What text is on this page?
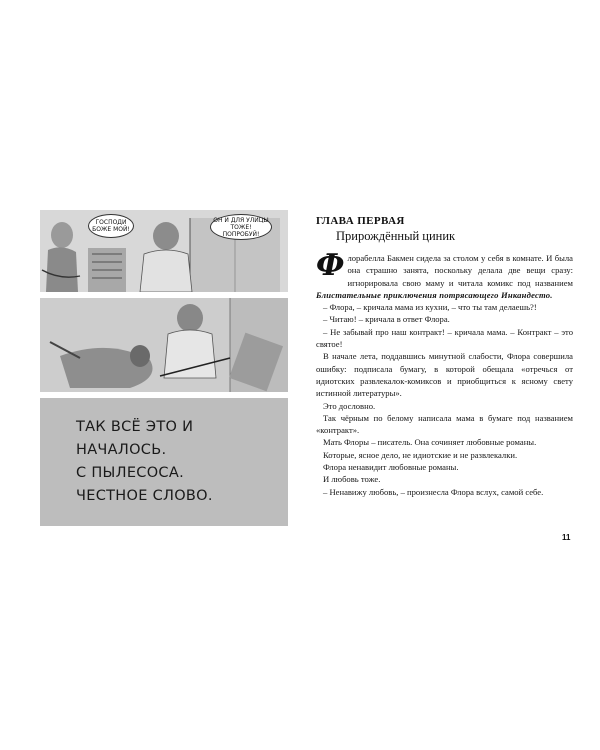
ГОСПОДИ БОЖЕ МОЙ!
ОН И ДЛЯ УЛИЦЫ ТОЖЕ! ПОПРОБУЙ!
ТАК ВСЁ ЭТО И НАЧАЛОСЬ.
С ПЫЛЕСОСА.
ЧЕСТНОЕ СЛОВО.
ГЛАВА ПЕРВАЯ
Прирождённый циник

Флорабелла Бакмен сидела за столом у себя в комнате. И была она страшно занята, поскольку делала две вещи сразу: игнорировала свою маму и читала комикс под названием Блистательные приключения потрясающего Инкандесто.

– Флора, – кричала мама из кухни, – что ты там делаешь?!

– Читаю! – кричала в ответ Флора.

– Не забывай про наш контракт! – кричала мама. – Контракт – это святое!

В начале лета, поддавшись минутной слабости, Флора совершила ошибку: подписала бумагу, в которой обещала «отречься от идиотских развлекалок-комиксов и приобщиться к ясному свету истинной литературы».

Это дословно.

Так чёрным по белому написала мама в бумаге под названием «контракт».

Мать Флоры – писатель. Она сочиняет любовные романы.

Которые, ясное дело, не идиотские и не развлекалки.

Флора ненавидит любовные романы.

И любовь тоже.

– Ненавижу любовь, – произнесла Флора вслух, самой себе.

11
